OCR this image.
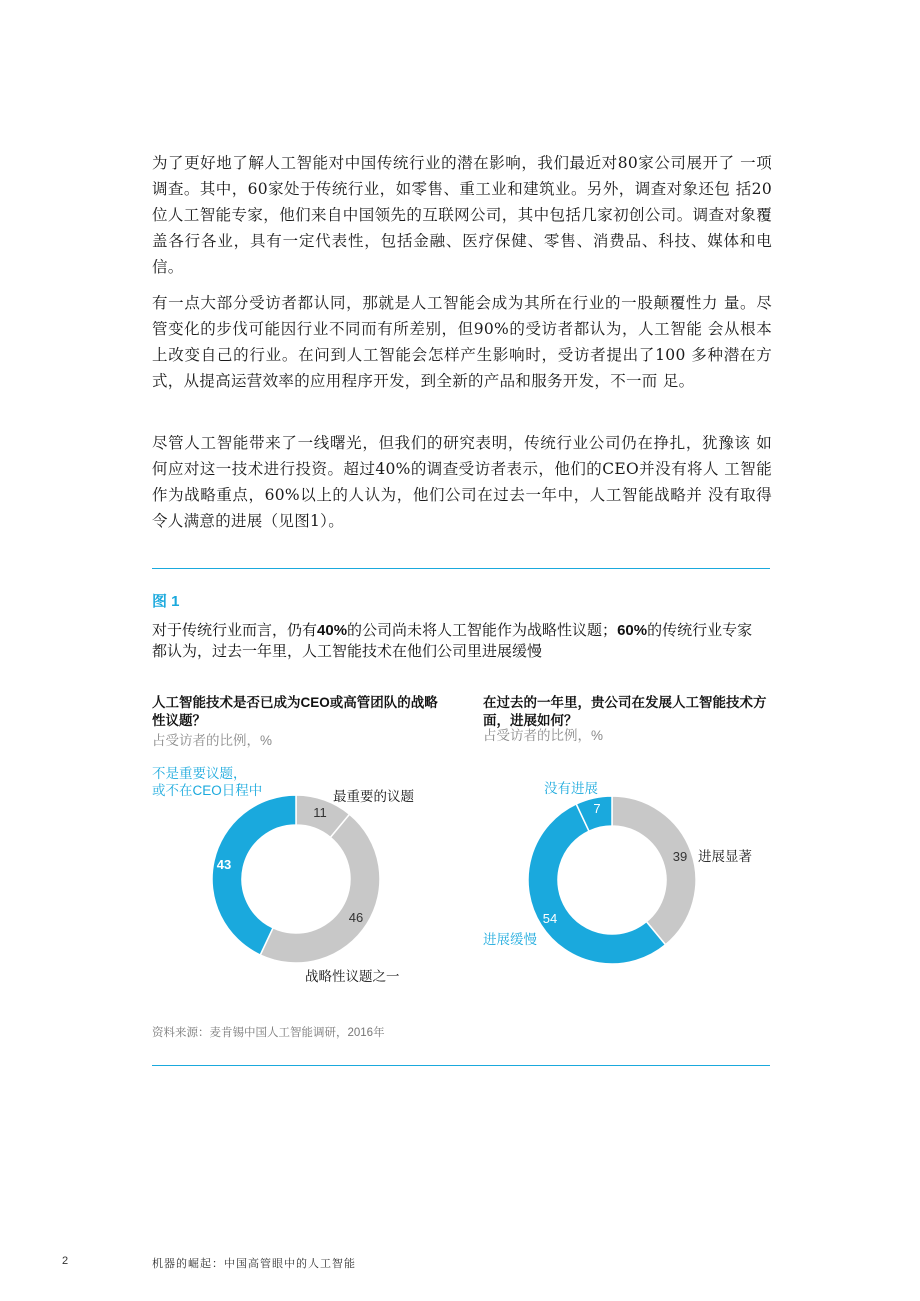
为了更好地了解人工智能对中国传统行业的潜在影响，我们最近对80家公司展开了 一项调查。其中，60家处于传统行业，如零售、重工业和建筑业。另外，调查对象还包 括20位人工智能专家，他们来自中国领先的互联网公司，其中包括几家初创公司。调查对象覆盖各行各业，具有一定代表性，包括金融、医疗保健、零售、消费品、科技、媒体和电信。

有一点大部分受访者都认同，那就是人工智能会成为其所在行业的一股颠覆性力 量。尽管变化的步伐可能因行业不同而有所差别，但90%的受访者都认为，人工智能 会从根本上改变自己的行业。在问到人工智能会怎样产生影响时，受访者提出了100 多种潜在方式，从提高运营效率的应用程序开发，到全新的产品和服务开发，不一而 足。

尽管人工智能带来了一线曙光，但我们的研究表明，传统行业公司仍在挣扎，犹豫该 如何应对这一技术进行投资。超过40%的调查受访者表示，他们的CEO并没有将人 工智能作为战略重点，60%以上的人认为，他们公司在过去一年中，人工智能战略并 没有取得令人满意的进展（见图1）。

图 1
对于传统行业而言，仍有40%的公司尚未将人工智能作为战略性议题；60%的传统行业专家都认为，过去一年里，人工智能技术在他们公司里进展缓慢
人工智能技术是否已成为CEO或高管团队的战略性议题？
占受访者的比例，%
不是重要议题，
或不在CEO日程中	最重要的议题
战略性议题之一
11
46
43
在过去的一年里，贵公司在发展人工智能技术方面，进展如何？
占受访者的比例，%
没有进展
进展显著
进展缓慢
39
54
7
资料来源：麦肯锡中国人工智能调研，2016年
2	机器的崛起：中国高管眼中的人工智能
